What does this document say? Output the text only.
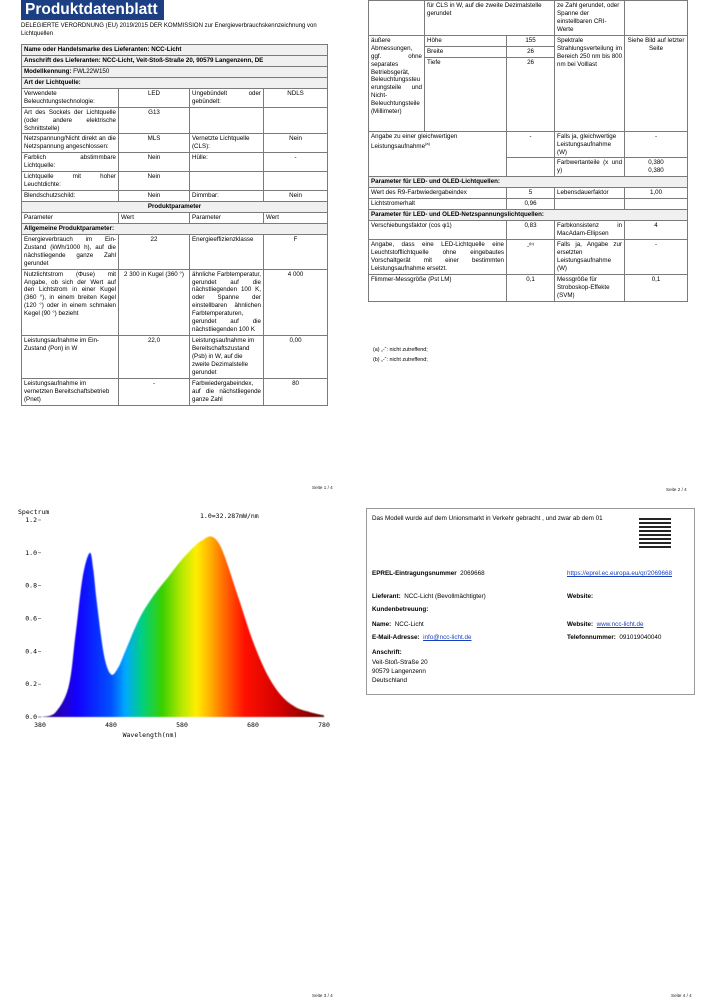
Produktdatenblatt
DELEGIERTE VERORDNUNG (EU) 2019/2015 DER KOMMISSION zur Energieverbrauchskennzeichnung von Lichtquellen
Name oder Handelsmarke des Lieferanten: NCC-Licht			
Anschrift des Lieferanten: NCC-Licht, Veit-Stoß-Straße 20, 90579 Langenzenn, DE			
Modellkennung: FWL22W150			
Art der Lichtquelle:			
Verwendete Beleuchtungstechnologie:	LED	Ungebündelt oder gebündelt:	NDLS
Art des Sockels der Lichtquelle (oder andere elektrische Schnittstelle)	G13		
Netzspannung/Nicht direkt an die Netzspannung angeschlossen:	MLS	Vernetzte Lichtquelle (CLS):	Nein
Farblich abstimmbare Lichtquelle:	Nein	Hülle:	-
Lichtquelle mit hoher Leuchtdichte:	Nein		
Blendschutzschild:	Nein	Dimmbar:	Nein
Produktparameter			
Parameter	Wert	Parameter	Wert
Allgemeine Produktparameter:			
Energieverbrauch im Ein-Zustand (kWh/1000 h), auf die nächstliegende ganze Zahl gerundet	22	Energieeffizienzklasse	F
Nutzlichtstrom (Φuse) mit Angabe, ob sich der Wert auf den Lichtstrom in einer Kugel (360 °), in einem breiten Kegel (120 °) oder in einem schmalen Kegel (90 °) bezieht	2 300 in Kugel (360 °)	ähnliche Farbtemperatur, gerundet auf die nächstliegenden 100 K, oder Spanne der einstellbaren ähnlichen Farbtemperaturen, gerundet auf die nächstliegenden 100 K	4 000
Leistungsaufnahme im Ein-Zustand (Pon) in W	22,0	Leistungsaufnahme im Bereitschaftszustand (Psb) in W, auf die zweite Dezimalstelle gerundet	0,00
Leistungsaufnahme im vernetzten Bereitschaftsbetrieb (Pnet)	-	Farbwiedergabeindex, auf die nächstliegende ganze Zahl	80
Seite 1 / 4
	für CLS in W, auf die zweite Dezimalstelle gerundet		ze Zahl gerundet, oder Spanne der einstellbaren CRI-Werte	
äußere Abmessungen, ggf. ohne separates Betriebsgerät, Beleuchtungssteuerungsteile und Nicht-Beleuchtungsteile (Millimeter)	Höhe	155	Spektrale Strahlungsverteilung im Bereich 250 nm bis 800 nm bei Volllast	Siehe Bild auf letzter Seite
	Breite	26		
	Tiefe	26		
Angabe zu einer gleichwertigen Leistungsaufnahme$^{(a)}$		-	Falls ja, gleichwertige Leistungsaufnahme (W)	-
			Farbwertanteile (x und y)	0,380
0,380
Parameter für LED- und OLED-Lichtquellen:				
Wert des R9-Farbwiedergabeindex		5	Lebensdauerfaktor	1,00
Lichtstromerhalt		0,96		
Parameter für LED- und OLED-Netzspannungslichtquellen:				
Verschiebungsfaktor (cos φ1)		0,83	Farbkonsistenz in MacAdam-Ellipsen	4
Angabe, dass eine LED-Lichtquelle eine Leuchtstofflichtquelle ohne eingebautes Vorschaltgerät mit einer bestimmten Leistungsaufnahme ersetzt.		-$^{(b)}$	Falls ja, Angabe zur ersetzten Leistungsaufnahme (W)	-
Flimmer-Messgröße (Pst LM)		0,1	Messgröße für Stroboskop-Effekte (SVM)	0,1
(a) „-“: nicht zutreffend;
(b) „-“: nicht zutreffend;
Seite 2 / 4
Spectrum	1.0=32.287mW/nm
0.0
0.2
0.4
0.6
0.8
1.0
1.2
380	480	580	680	780
Wavelength(nm)
Seite 3 / 4
Das Modell wurde auf dem Unionsmarkt in Verkehr gebracht , und zwar ab dem 01
EPREL-Eintragungsnummer 2069668	https://eprel.ec.europa.eu/qr/2069668
Lieferant: NCC-Licht (Bevollmächtigter)	Website:
Kundenbetreuung:
Name: NCC-Licht	Website: www.ncc-licht.de
E-Mail-Adresse: info@ncc-licht.de	Telefonnummer: 091019040040
Anschrift:
Veit-Stoß-Straße 20
90579 Langenzenn
Deutschland
Seite 4 / 4
